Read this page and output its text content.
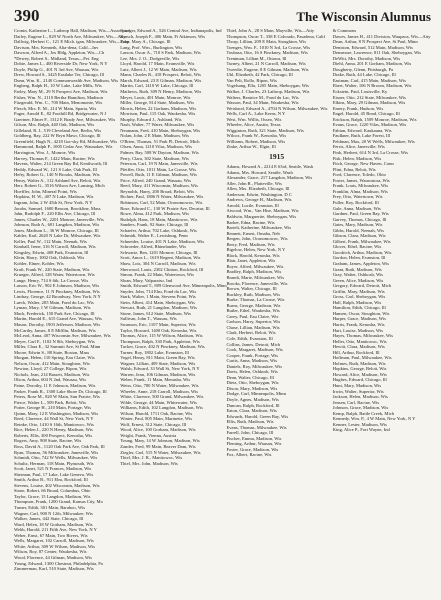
390	The Wisconsin Alumnus
Cronin, Katherine L., Latheop Hall, Madison, Wis—Assoc prof
Dailey, Eugene L., 829 W North Ave, Milwaukee, Wis—Atty
Dallwig, Herbert C., 121 E Mich. igan, Milwaukee, Wis—Prop
Davison, Mrs. Kenneth, Alta-dena, Calif—Inv
Dawson, Alfred A., Jos Bldg, Appleton, Wis—Ch
*Dewey, Robert S., Midland, Texas—Pet. Eng
Dobie, James L., 400 Riverside Dr, New York, N Y
Doyle, Philip G., 401 N 3rd Ave, Wausau, Wis
Drew, Howard S., 3425 Eastlake Ter, Chicago, Ill
Dunn, Wm. K., 2140 Commonwealth Ave, Madison, Wis
Engberg, Ralph H., 10 W Lake, Lake Mills, Wis
Farley, Mary M., 29 N Prospect Ave, Madison, Wis
Fisher, Wm. N., 2110 Bertha Hamilton, Madison
Fitzgerald, Wm. C., 700 Main, Menomonie, Wis
Flesch, Mrs. E. M., 214 W Main, Sparta, Wis
Fuger, Arnold E., 82 Foothill Rd, Bridgewater, N J
Gaertner, Elmer F., 1312 E Brady Ave, Milwaukee, Wis
Gilson, Mrs. Ralph, 440 Oak, Madison, Wis
Gilleland, R. J., 519 Cleveland Ave, Berlin, Wis
Goldberg, Ray, 222 W Bryn Mawr, Chicago, Ill
Greenfield, Hugh N., 4218 Gor-sky Rd, Milwaukee, Wis
Hammond, Ralph P., 1005 Cedar Ave, Waunakee, Wis
Harrington, Wm. J., Monroe, Wis
Harvey, Thomas F., 1422 Main, Racine, Wis
Havens, Walter, 214 Green Bay Rd, Kenilworth, Ill
Heddy, Edward W., 121 S Lake, Oak Park, Ill
Hefty, Robert G., 140 N Brooks, Madison, Wis
Henry, Walter A., 112 Ashland Ave, Beloit, Wis
Herr, Robert G., 3516 Wilson Ave, Lansing, Mich
Hoeffler, John, Mineral Point, Wis
Hopkins, H. W., 407 N Lake, Madison, Wis
Ingram, John, 2 W 45th St, New York, N Y
Jacobs, Samuel, 1600 Beacon, Brookline, Mass
Jahn, Rudolph F., 220 Ellis Ave, Chicago, Ill
James, Charles W., 2201 Monroe, Janesville, Wis
Johnson, Ruth A., 601 Langdon, Madison, Wis
Jones, Madison L., 36 W Monroe, Chicago, Ill
Kabler, Karl, 2620 N Lake Dr, Milwaukee, Wis
Keller, Paul W., 112 Main, Neenah, Wis
Kimball, Irene, 316 N Carroll, Madison, Wis
Kingsley, Edwin, 408 Park, Evanston, Ill
Klein, Harry, 1002 Oak, Oshkosh, Wis
Kohler, Elmer, Kohler, Wis
Kraft, Frank W., 220 State, Madison, Wis
Krueger, Alfred, 128 Water, Watertown, Wis
Lange, Henry, 714 S 6th, La Crosse, Wis
Larson, Eric W., 902 E Johnson, Madison, Wis
Lewis, Florence, 11 N Pinckney, Madison, Wis
Lindsay, George, 42 Broadway, New York, N Y
Lueck, Walter, 205 Main, Fond du Lac, Wis
Lyman, Mary, 1 W Gilman, Madison, Wis
Mack, Frederick, 150 Park Ave, Chicago, Ill
Martin, Harold E., 615 Grand Ave, Wausau, Wis
Mason, Dorothy, 1903 Jefferson, Madison, Wis
McCarthy, James, 8 E Mifflin, Madison, Wis
McLeod, Anna, 407 Wisconsin Ave, Milwaukee, Wis
Meyer, Carl F., 1102 N 8th, Sheboygan, Wis
Miller, Clara E., 32 Summit Ave, St Paul, Minn
Moore, Edwin S., 88 State, Boston, Mass
Morgan, Helen, 110 Spring, Eau Claire, Wis
Nelson, Oscar, 412 Main, Stoughton, Wis
Newton, Lloyd, 27 College, Ripon, Wis
Nichols, Jean, 214 Bassett, Madison, Wis
Olson, Arthur, 604 N 2nd, Wausau, Wis
Paine, Dorothy, 11 E Johnson, Madison, Wis
Parker, Frank R., 1300 Lake Shore Dr, Chicago, Ill
Peters, Rose M., 820 W Main, Sun Prairie, Wis
Pierce, Walter L., 509 Park, Beloit, Wis
Potter, George H., 210 Main, Portage, Wis
Quinn, Mary, 12 E Washington, Madison, Wis
Reed, Clarence, 44 Wall St, New York, N Y
Reinke, Otto, 1410 S 16th, Manitowoc, Wis
Rice, Helen J., 220 N Henry, Madison, Wis
Roberts, Ellis, 300 Prospect, Kenosha, Wis
Rogers, Amy, 908 State, Racine, Wis
Ross, David A., 1120 Oak Park Ave, Oak Park, Ill
Ryan, Thomas, 56 Milwaukee, Janesville, Wis
Schmidt, Otto, 742 W Wells, Milwaukee, Wis
Schultz, Herman, 118 Main, Plymouth, Wis
Scott, Janet, 521 N Frances, Madison, Wis
Sherman, Paul, 17 Lake, Lake Geneva, Wis
Smith, Arthur B., 911 Elm, Rockford, Ill
Stevens, Louise, 402 Wisconsin, Madison, Wis
Stone, Robert, 66 Broad, Columbus, Ohio
Taylor, Grace, 15 Langdon, Madison, Wis
Thompson, Frank, 1200 Grand, Kansas City, Mo
Turner, Edith, 301 Main, Baraboo, Wis
Wagner, Carl, 900 N 12th, Milwaukee, Wis
Walker, James, 442 State, Chicago, Ill
Ward, Helen, 18 W Gorham, Madison, Wis
Webb, Harold, 211 Fifth Ave, New York, N Y
Weber, Ernst, 67 Main, Two Rivers, Wis
Wells, Margaret, 102 Carroll, Madison, Wis
White, Arthur, 309 W Wilson, Madison, Wis
Wilson, Roy, 87 Center, Waukesha, Wis
Wood, Florence, 44 Gilman, Madison, Wis
Young, Edward, 1300 Chestnut, Philadelphia, Pa
Zimmerman, Karl, 510 State, Madison, Wis
Krueger, Edward A., 526 Central Ave, Indianapolis, Ind
Krasch, Joseph F., 406 Main, Ft Atkinson, Wis
Lake, Mary A., Chicago, Ill
Lang, Prof. Wm., Burlington, Wis
Larson, Oscar A., 710 S Park, Madison, Wis
Lee, Mrs. J. O., Dodgeville, Wis
Lloyd, Harold, 17 Main, Evansville, Wis
Lutz, Albert J., 12 W Main, Madison, Wis
Mann, Charles R., 418 Prospect, Beloit, Wis
Marsh, Edward, 23 E Gilman, Madison, Wis
Martin, Carl, 1410 W Lake, Chicago, Ill
Mathews, Ruth, 309 N Henry, Madison, Wis
Meyer, Louis, 401 Main, Monroe, Wis
Miller, George, 814 State, Madison, Wis
Morris, Helen, 22 Gorham, Madison, Wis
Morrison, Paul, 115 Oak, Waukesha, Wis
Murphy, Edward J., Ashland, Wis
Nash, Walter, 77 Water, Milwaukee, Wis
Neumann, Fred, 410 Main, Sheboygan, Wis
Nolan, John, 2 E Main, Madison, Wis
O'Brien, Thomas, 51 Park Pl, Detroit, Mich
Olsen, Anna, 1210 Vilas, Madison, Wis
Palmer, Ray, 508 W Dayton, Madison, Wis
Perry, Clara, 302 State, Madison, Wis
Peterson, Carl, 19 N Main, Janesville, Wis
Pfeiffer, Otto, 1011 Main, La Crosse, Wis
Powell, Ruth, 11 E Gilman, Madison, Wis
Price, Alfred, 240 Grand, Wausau, Wis
Reed, Mary, 411 Wisconsin, Madison, Wis
Reynolds, Harry, 200 Broad, Beloit, Wis
Richter, Paul, 1806 N Water, Milwaukee, Wis
Robinson, Carl, 52 Main, Oconomowoc, Wis
Rose, Edward C., 130 W Prairie Ave, Decatur, Ill
Rowe, Alma, 412 Park, Madison, Wis
Rudolph, Hans, 18 Main, Manitowoc, Wis
Sanders, Frank, 92 State, Chicago, Ill
Schaefer, Arthur, 702 Lake, Oshkosh, Wis
Schmidt, Walter E., Lewisburg, Penn
Schneider, Louise, 401 N Lake, Madison, Wis
Schroeder, Alfred, Rhinelander, Wis
Schwartz, Ben, 1201 Monroe, Chicago, Ill
Scott, Amos L., 1619 Regent, Madison, Wis
Shaw, Lois, 304 N Carroll, Madison, Wis
Sherwood, Louis, 2302 Clinton, Rockford, Ill
Simon, Frank, 22 Main, Watertown, Wis
Sloan, Mary, Valparaiso, Ind
Smith, Edward T., 809 Glenwood Ave, Minneapolis, Minn
Snyder, John, 714 Elm, Fond du Lac, Wis
Stark, Walter, 1 Main, Stevens Point, Wis
Stein, Albert, 414 Main, Sheboygan, Wis
Stewart, Ruth, 21 Langdon, Madison, Wis
Stone, James, 612 State, Madison, Wis
Sullivan, John T., Wausau, Wis
Swanson, Eric, 1107 Main, Superior, Wis
Taylor, Howard, 1400 Oak, Kenosha, Wis
Thomas, Alice, 115 W Wilson, Madison, Wis
Thompson, Ralph, 330 Park, Appleton, Wis
Tucker, Grace, 402 N Pinckney, Madison, Wis
Turner, Roy, 1802 Lake, Evanston, Ill
Vogel, Henry, 811 Main, Green Bay, Wis
Wagner, Lillian, 409 State, Madison, Wis
Walsh, Edward, 33 Wall St, New York, N Y
Warren, Jean, 106 Gilman, Madison, Wis
Weber, Frank, 11 Main, Menasha, Wis
Weiss, Otto, 780 N Water, Milwaukee, Wis
Wheeler, Anne, 218 Carroll, Madison, Wis
White, Clarence, 500 Grand, Milwaukee, Wis
Wilde, George, 44 Main, Whitewater, Wis
Williams, Edith, 102 Langdon, Madison, Wis
Wilson, Harold, 1711 Oak, Racine, Wis
Winter, Paul, 805 Main, Marinette, Wis
Wolf, Ernest, 312 State, Chicago, Ill
Wood, Alice, 100 Gorham, Madison, Wis
Wright, Frank, Vienna, Austria
Young, Mary, 14 W Johnson, Madison, Wis
Zander, Fred, 99 Main, Beaver Dam, Wis
Ziegler, Carl, 515 N Water, Milwaukee, Wis
Thiel, Mrs. J. R., Manitowoc, Wis
Thiel, Mrs. John, Madison, Wis
Thiel, John A., 28 S Main, Mayville, Wis—Atty
Thompson, Oscar T., 338 E Colorado, Pasadena, Calif
Thorp, Lillian, 209 E Main, Stoughton, Wis
Toenges, Wm. F., 1010 N 3rd, La Crosse, Wis
Toubasa, Otto, 16 S Pinckney, Madison, Wis
Trentman, Lillian M., Ottawa, Ill
Turney, Albert, 21 N Carroll, Madison, Wis
Tweedie, Eugene, 8 E Gilman, Madison, Wis
Uhl, Elizabeth, 42 Park, Chicago, Ill
Van Pelt, Rollo, Ripon, Wis
Vogelsang, Ella, 1205 Main, Sheboygan, Wis
Walker, J. Charles, 23 Lathrop, Madison, Wis
Walters, Beatrice M., Fond du Lac, Wis
Wasson, Paul, 34 Main, Waukesha, Wis
Weisbrod, Edward A., 4704 N Wilson, Milwaukee, Wis
Wells, Carl A., Lake Kerns, N Y
West, Wm. Willis, Osseo, Wis
Wheeler, Alice, Austin, Texas
Wigginton, Ruth, 321 State, Madison, Wis
Wilcox, Frank W., Kenosha, Wis
Williams, Robert, Madison, Wis
Zinke, Arthur W., Elgin, Ill
1915
Adams, Howard A., 2214 E 63rd, Seattle, Wash
Adams, Mrs. Howard, Seattle, Wash
Alexander, Grace, 217 Langdon, Madison, Wis
Aller, John R., Platteville, Wis
Allen, Mrs. Elizabeth, Chicago, Ill
Anderson, Edwin, Washington, D C
Andrews, George H., Madison, Wis
Arnold, Lucile, Evanston, Ill
Atwood, Wm., Van Hise, Madison, Wis
Baldwin, Marguerite, Sheboygan, Wis
Barker, Edna, Racine, Wis
Bartelt, Katherine, Milwaukee, Wis
Bennett, Ernest, Omaha, Neb
Bergen, John, Oconomowoc, Wis
Berry, Fred, Madison, Wis
Bigelow, Helen, New York, N Y
Black, Harold, Kenosha, Wis
Blair, Janet, Appleton, Wis
Boyer, Alfred, Milwaukee, Wis
Bradley, Ralph, Madison, Wis
Brandt, Marie, Milwaukee, Wis
Brooks, Florence, Janesville, Wis
Brown, Walter, Chicago, Ill
Buckley, Ruth, Madison, Wis
Burke, Thomas, La Crosse, Wis
Burns, George, Madison, Wis
Butler, Ethel, Waukesha, Wis
Carey, Paul, Eau Claire, Wis
Carlson, Harry, Superior, Wis
Chase, Lillian, Madison, Wis
Clark, Herbert, Beloit, Wis
Cole, Edith, Evanston, Ill
Collins, James, Detroit, Mich
Cook, Margaret, Madison, Wis
Cooper, Frank, Portage, Wis
Curtis, Anna, Madison, Wis
Daniels, Roy, Milwaukee, Wis
Davis, Helen, Oshkosh, Wis
Dean, Walter, Chicago, Ill
Dietz, Otto, Sheboygan, Wis
Dixon, Mary, Madison, Wis
Dodge, Carl, Minneapolis, Minn
Doyle, Agnes, Madison, Wis
Duncan, Ralph, Rockford, Ill
Eaton, Clara, Madison, Wis
Edwards, Harold, Green Bay, Wis
Ellis, Ruth, Madison, Wis
Evans, Thomas, Milwaukee, Wis
Farrell, John, Chicago, Ill
Fischer, Emma, Madison, Wis
Fleming, Arthur, Wausau, Wis
Foster, Grace, Madison, Wis
Fox, Albert, Racine, Wis
& Commons
Dawes, James H., 411 Division, Waupaca, Wis—Atty
Dean, Arthur, 8 N Prospect Ave, St Paul, Minn
Deniston, Edward, 512 Main, Madison, Wis
Densmore, Lawrence, 811 Oak, Sheboygan, Wis
DeWitt, Mrs. Dorothy, Madison, Wis
Diehl, Anna, 201 E Gorham, Madison, Wis
Dougherty, Glenn, Pittsburgh, Pa
Drake, Ruth, 44 Lake, Chicago, Ill
Eastman, Carl, 415 Main, Madison, Wis
Ebert, Walter, 106 N Broom, Madison, Wis
Eckstein, Paul, Louisville, Ky
Eisner, Otto, 212 State, Milwaukee, Wis
Elkins, Mary, 29 Gilman, Madison, Wis
Emery, Frank, Hudson, Wis
Engel, Harold, 45 Bond, Chicago, Ill
Erickson, Ralph, 1509 Monroe, Madison, Wis
Evans, Grace, 1220 Vilas, Madison, Wis
Fabian, Edward, Kaukauna, Wis
Faulkner, Ruth, Lake Forest, Ill
Feldman, Max, 20 W Wells, Milwaukee, Wis
Ferris, Alice, Janesville, Wis
Fink, Herbert, 614 N 3rd, La Crosse, Wis
Fisk, Helen, Madison, Wis
Fitch, George, New Haven, Conn
Flint, Edna, Beloit, Wis
Ford, Clarence, Toledo, Ohio
Foster, James, Wauwatosa, Wis
Frank, Louis, Milwaukee, Wis
Franklin, Alma, Madison, Wis
Frey, Otto, Watertown, Wis
Fuller, Roy, Rockford, Ill
Gale, Anna, Madison, Wis
Gardner, Paul, Green Bay, Wis
Garvey, Thomas, Chicago, Ill
Gates, Mary, Madison, Wis
Gibbs, Harold, Neenah, Wis
Gibson, Clara, Madison, Wis
Gilbert, Frank, Milwaukee, Wis
Glover, Ethel, Racine, Wis
Goodrich, Arthur, Madison, Wis
Gordon, Helen, Evanston, Ill
Graham, James, Appleton, Wis
Grant, Ruth, Madison, Wis
Gray, Walter, Oshkosh, Wis
Green, Alice, Madison, Wis
Gregory, Edward, Detroit, Mich
Griffin, Mary, Madison, Wis
Gross, Carl, Sheboygan, Wis
Hall, Ralph, Madison, Wis
Hamilton, Edith, Chicago, Ill
Hansen, Oscar, Stoughton, Wis
Harper, Grace, Madison, Wis
Harris, Frank, Kenosha, Wis
Hart, Louise, Madison, Wis
Hayes, Thomas, Milwaukee, Wis
Heller, Otto, Manitowoc, Wis
Hewitt, Clara, Madison, Wis
Hill, Arthur, Rockford, Ill
Hoffman, Paul, Milwaukee, Wis
Holmes, Ruth, Madison, Wis
Hopkins, George, Beloit, Wis
Howard, Alice, Madison, Wis
Hughes, Edward, Chicago, Ill
Hunt, Mary, Madison, Wis
Irwin, Walter, Superior, Wis
Jackson, Helen, Madison, Wis
Jensen, Carl, Racine, Wis
Johnson, Grace, Madison, Wis
Kemp, Ralph, Battle Creek, Mich
Kennedy, Wm. P., 4 W Main, New York, N Y
Kenner, Lester, Madison, Wis
King, Alice P., Fort Wayne, Ind
